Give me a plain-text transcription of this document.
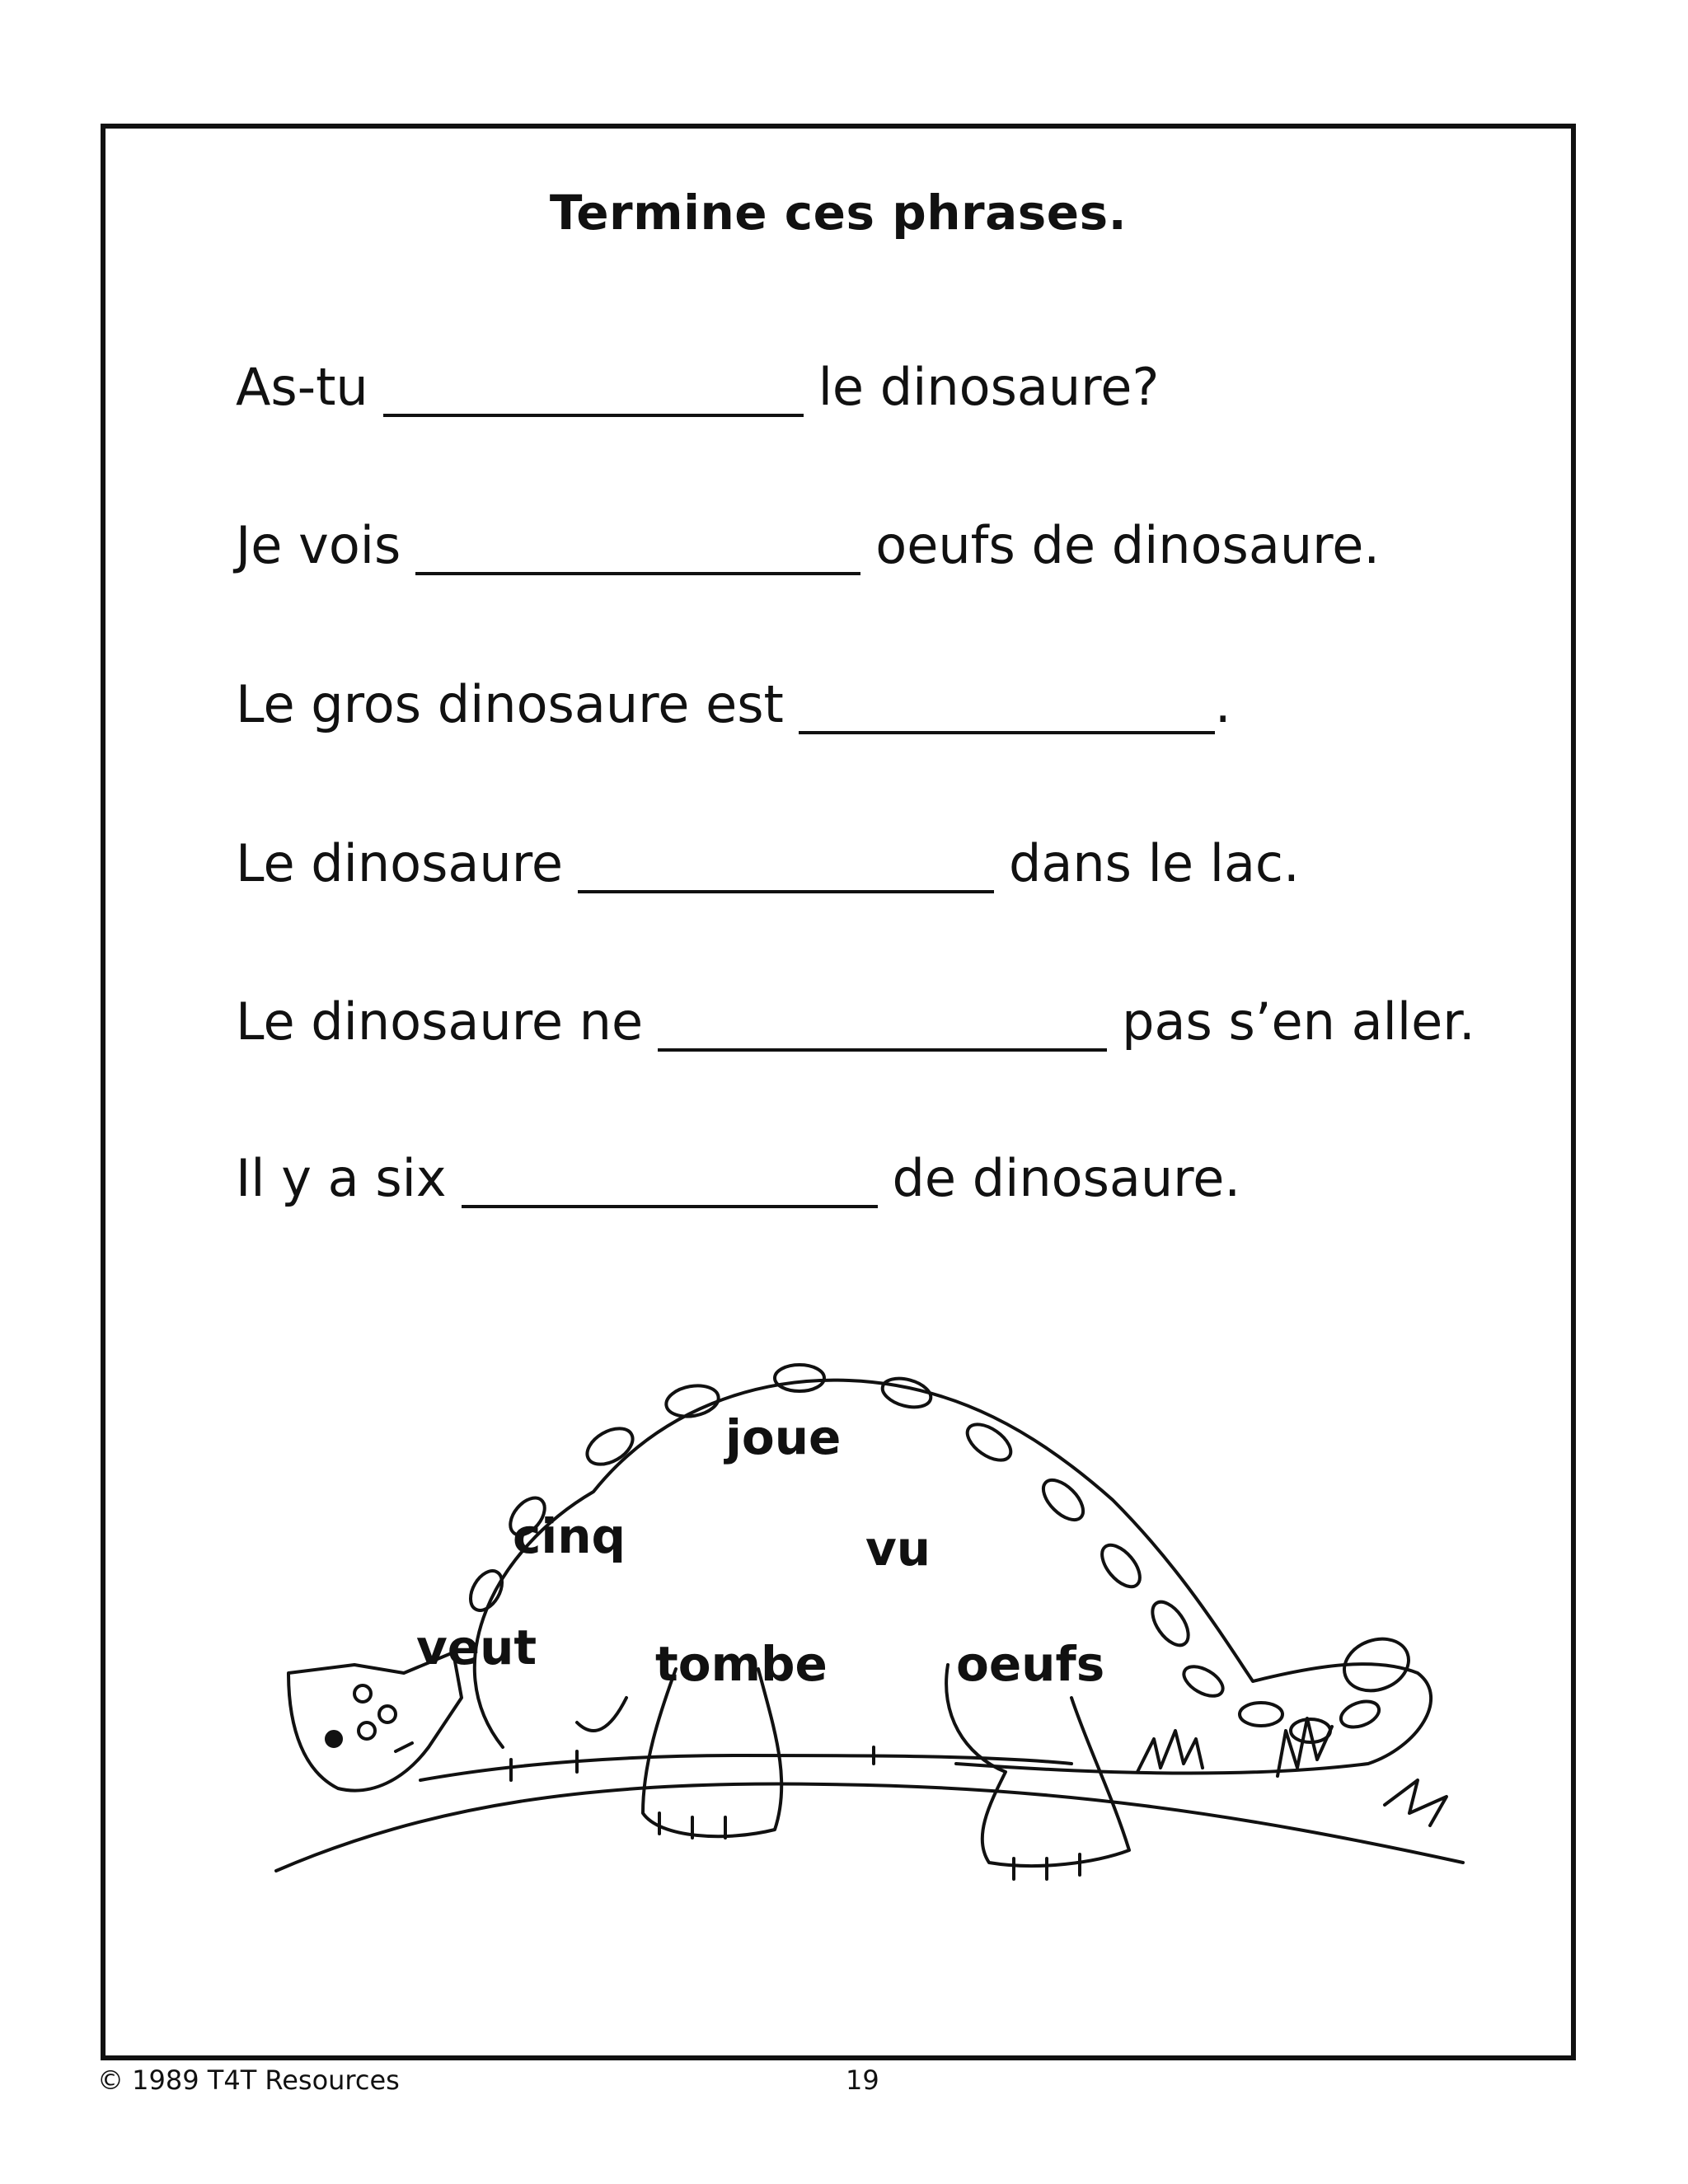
Termine ces phrases.
As-tu	le dinosaure?
Je vois	oeufs de dinosaure.
Le gros dinosaure est	.
Le dinosaure	dans le lac.
Le dinosaure ne	pas s’en aller.
Il y a six	de dinosaure.
joue
cinq	vu
veut tombe	oeufs
© 1989 T4T Resources	19
